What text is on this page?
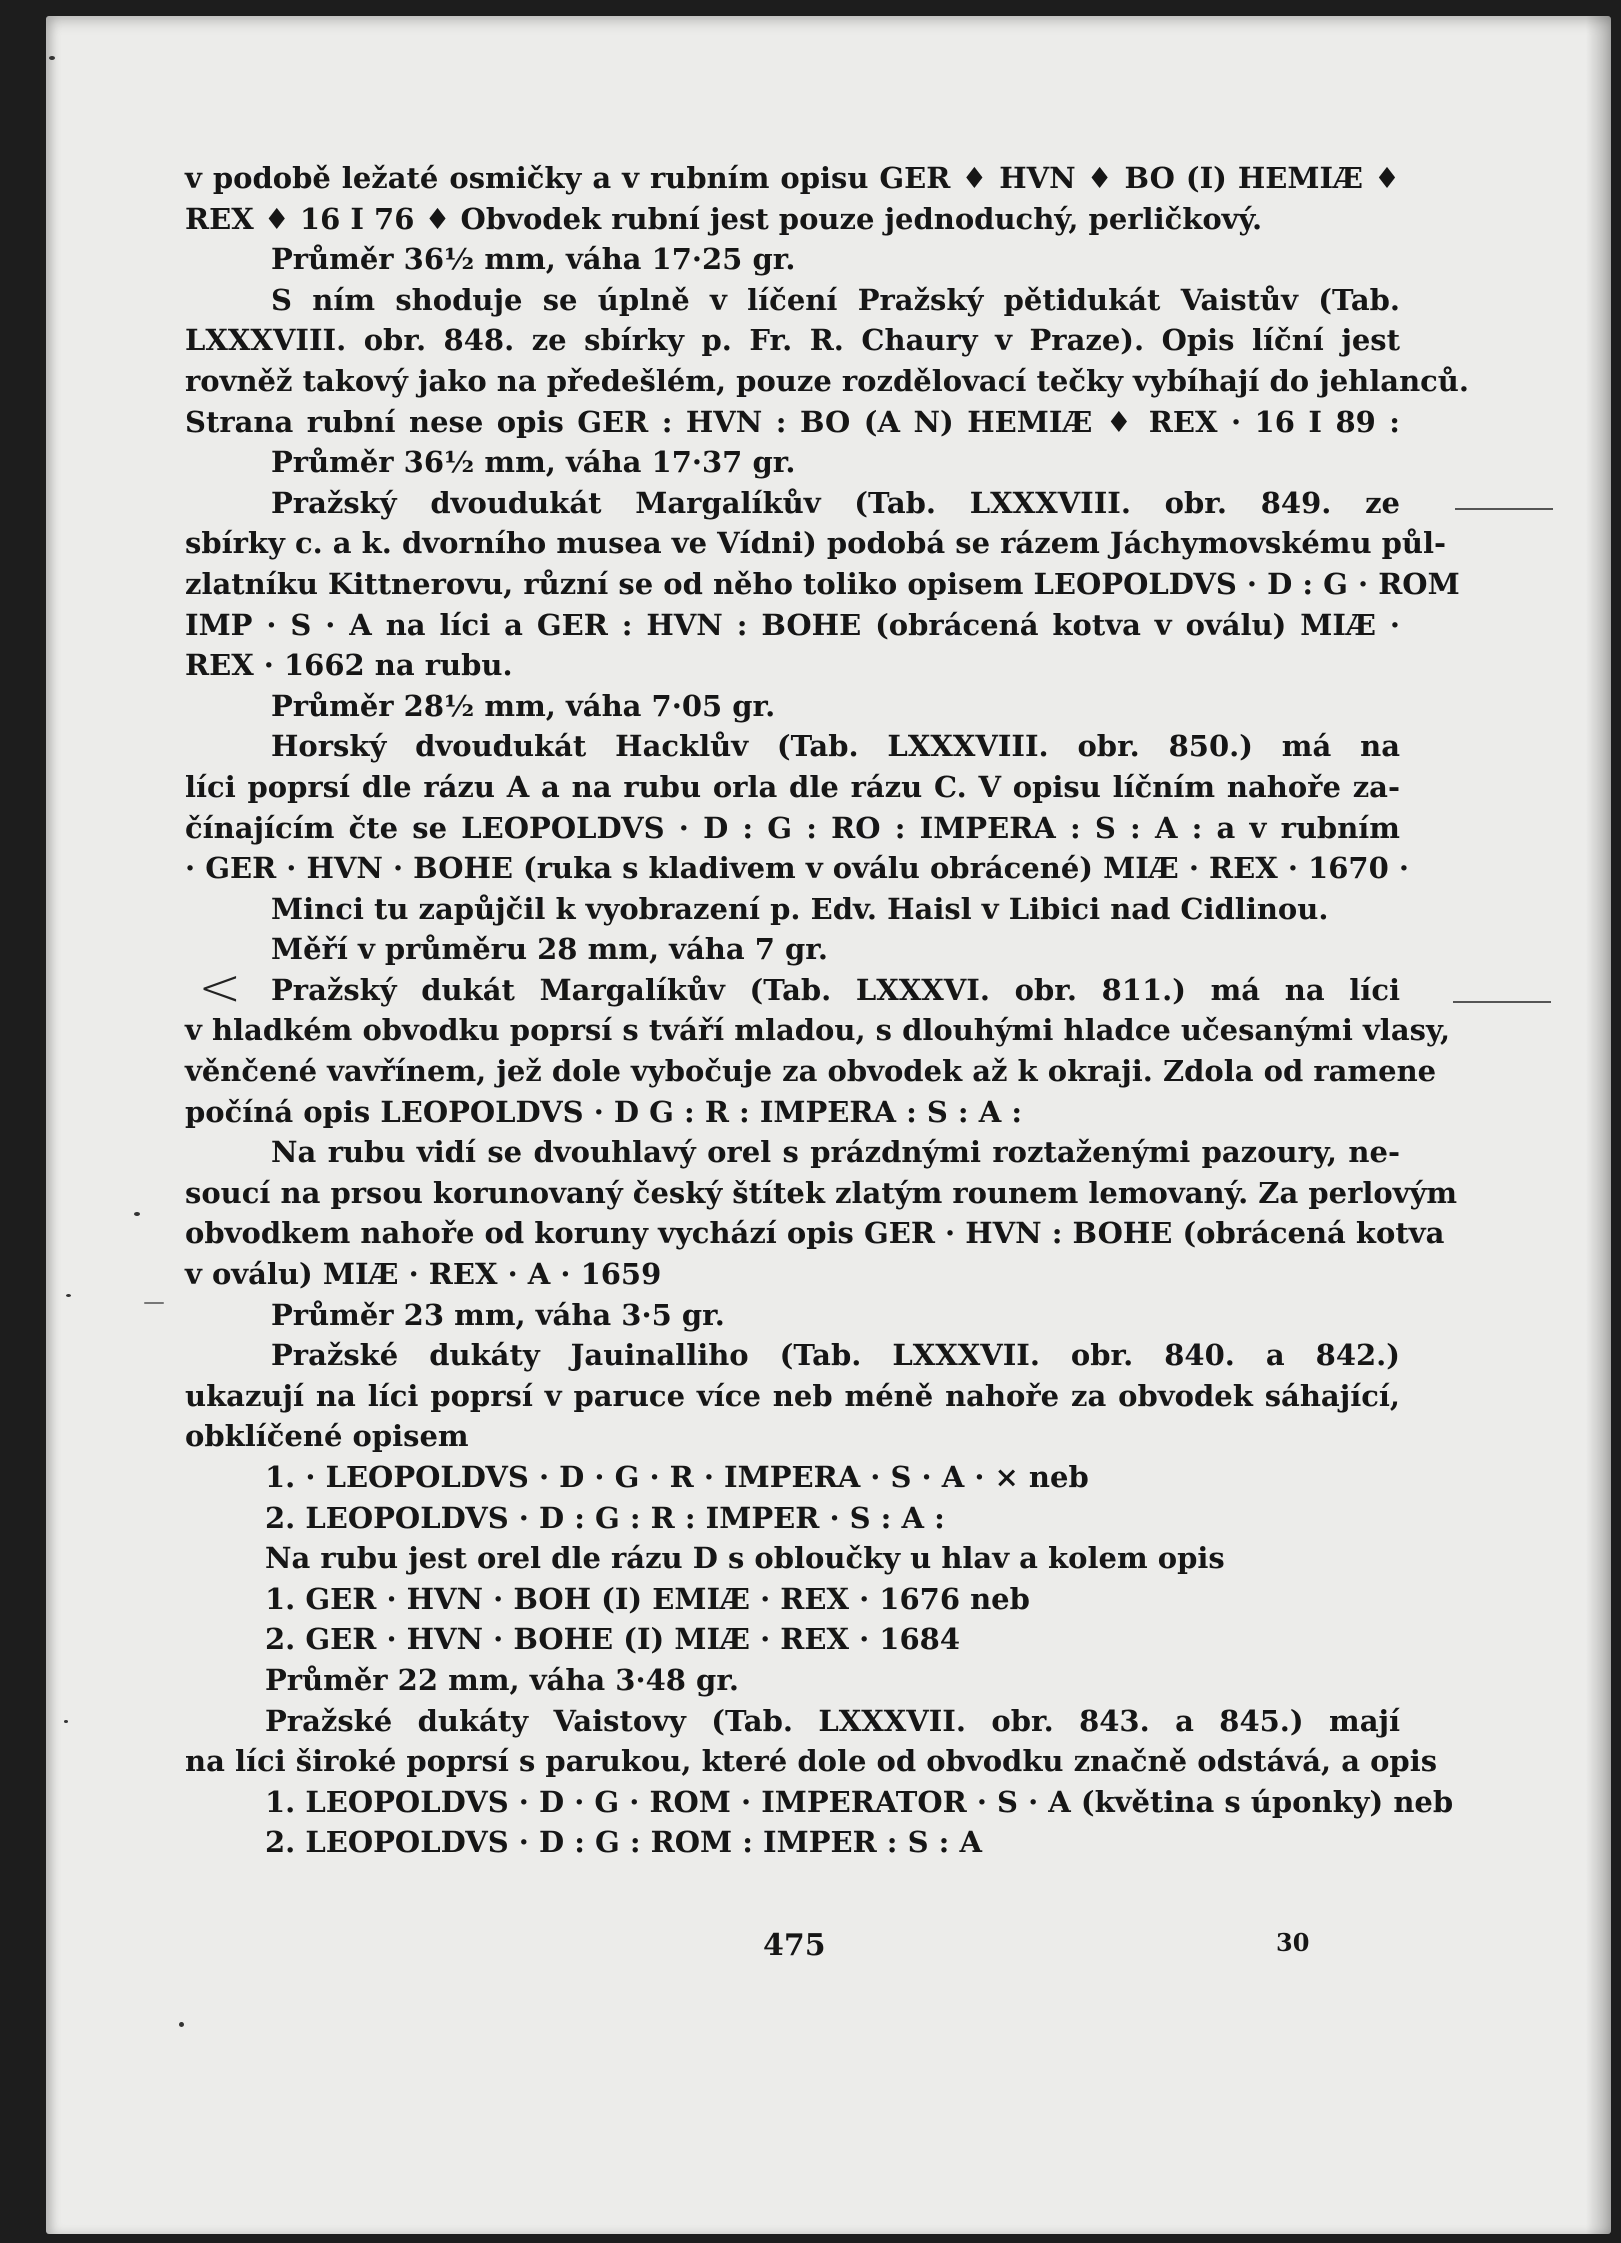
v podobě ležaté osmičky a v rubním opisu GER ♦ HVN ♦ BO (I) HEMIÆ ♦
REX ♦ 16 I 76 ♦ Obvodek rubní jest pouze jednoduchý, perličkový.
Průměr 36½ mm, váha 17·25 gr.
S ním shoduje se úplně v líčení Pražský pětidukát Vaistův (Tab.
LXXXVIII. obr. 848. ze sbírky p. Fr. R. Chaury v Praze). Opis líční jest
rovněž takový jako na předešlém, pouze rozdělovací tečky vybíhají do jehlanců.
Strana rubní nese opis GER : HVN : BO (A N) HEMIÆ ♦ REX · 16 I 89 :
Průměr 36½ mm, váha 17·37 gr.
Pražský dvoudukát Margalíkův (Tab. LXXXVIII. obr. 849. ze
sbírky c. a k. dvorního musea ve Vídni) podobá se rázem Jáchymovskému půl-
zlatníku Kittnerovu, různí se od něho toliko opisem LEOPOLDVS · D : G · ROM
IMP · S · A na líci a GER : HVN : BOHE (obrácená kotva v oválu) MIÆ ·
REX · 1662 na rubu.
Průměr 28½ mm, váha 7·05 gr.
Horský dvoudukát Hacklův (Tab. LXXXVIII. obr. 850.) má na
líci poprsí dle rázu A a na rubu orla dle rázu C. V opisu líčním nahoře za-
čínajícím čte se LEOPOLDVS · D : G : RO : IMPERA : S : A : a v rubním
· GER · HVN · BOHE (ruka s kladivem v oválu obrácené) MIÆ · REX · 1670 ·
Minci tu zapůjčil k vyobrazení p. Edv. Haisl v Libici nad Cidlinou.
Měří v průměru 28 mm, váha 7 gr.
Pražský dukát Margalíkův (Tab. LXXXVI. obr. 811.) má na líci
v hladkém obvodku poprsí s tváří mladou, s dlouhými hladce učesanými vlasy,
věnčené vavřínem, jež dole vybočuje za obvodek až k okraji. Zdola od ramene
počíná opis LEOPOLDVS · D G : R : IMPERA : S : A :
Na rubu vidí se dvouhlavý orel s prázdnými roztaženými pazoury, ne-
soucí na prsou korunovaný český štítek zlatým rounem lemovaný. Za perlovým
obvodkem nahoře od koruny vychází opis GER · HVN : BOHE (obrácená kotva
v oválu) MIÆ · REX · A · 1659
Průměr 23 mm, váha 3·5 gr.
Pražské dukáty Jauinalliho (Tab. LXXXVII. obr. 840. a 842.)
ukazují na líci poprsí v paruce více neb méně nahoře za obvodek sáhající,
obklíčené opisem
1. · LEOPOLDVS · D · G · R · IMPERA · S · A · × neb
2. LEOPOLDVS · D : G : R : IMPER · S : A :
Na rubu jest orel dle rázu D s obloučky u hlav a kolem opis
1. GER · HVN · BOH (I) EMIÆ · REX · 1676 neb
2. GER · HVN · BOHE (I) MIÆ · REX · 1684
Průměr 22 mm, váha 3·48 gr.
Pražské dukáty Vaistovy (Tab. LXXXVII. obr. 843. a 845.) mají
na líci široké poprsí s parukou, které dole od obvodku značně odstává, a opis
1. LEOPOLDVS · D · G · ROM · IMPERATOR · S · A (květina s úponky) neb
2. LEOPOLDVS · D : G : ROM : IMPER : S : A
475	30
<
